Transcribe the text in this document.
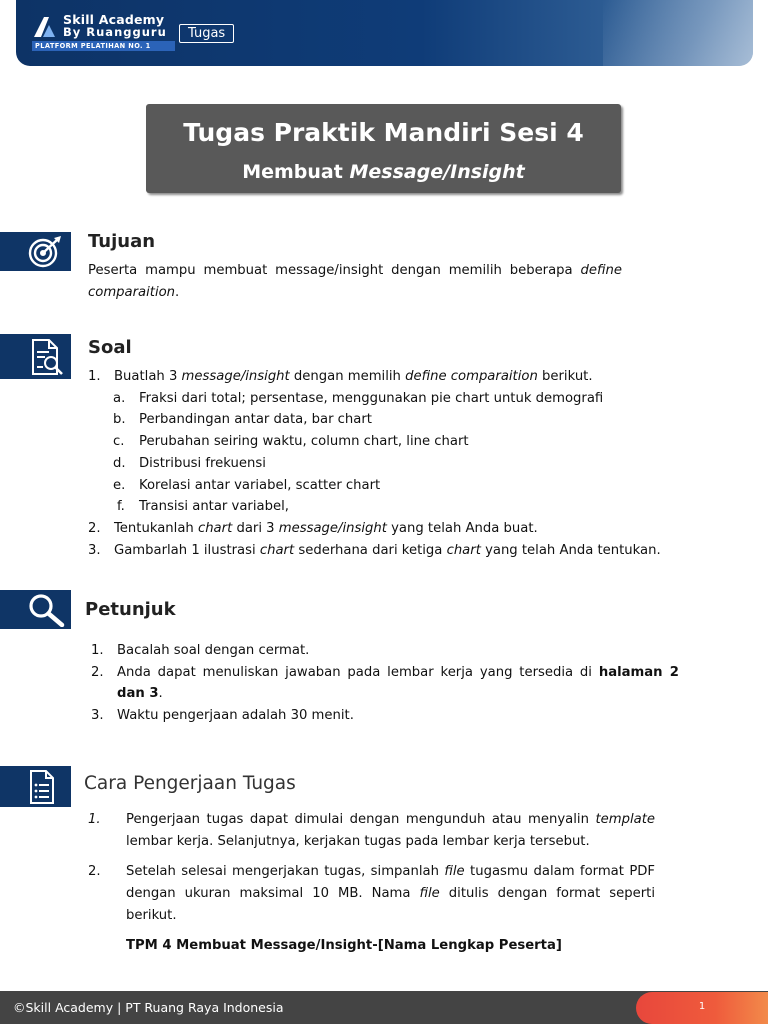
Skill Academy
By Ruangguru
PLATFORM PELATIHAN NO. 1
Tugas
Tugas Praktik Mandiri Sesi 4
Membuat Message/Insight
Tujuan
Peserta mampu membuat message/insight dengan memilih beberapa define comparaition.
Soal
1. Buatlah 3 message/insight dengan memilih define comparaition berikut.
a. Fraksi dari total; persentase, menggunakan pie chart untuk demografi
b. Perbandingan antar data, bar chart
c. Perubahan seiring waktu, column chart, line chart
d. Distribusi frekuensi
e. Korelasi antar variabel, scatter chart
f. Transisi antar variabel,
2. Tentukanlah chart dari 3 message/insight yang telah Anda buat.
3. Gambarlah 1 ilustrasi chart sederhana dari ketiga chart yang telah Anda tentukan.
Petunjuk
1. Bacalah soal dengan cermat.
2. Anda dapat menuliskan jawaban pada lembar kerja yang tersedia di halaman 2 dan 3.
3. Waktu pengerjaan adalah 30 menit.
Cara Pengerjaan Tugas
1. Pengerjaan tugas dapat dimulai dengan mengunduh atau menyalin template lembar kerja. Selanjutnya, kerjakan tugas pada lembar kerja tersebut.
2. Setelah selesai mengerjakan tugas, simpanlah file tugasmu dalam format PDF dengan ukuran maksimal 10 MB. Nama file ditulis dengan format seperti berikut.
TPM 4 Membuat Message/Insight-[Nama Lengkap Peserta]
©Skill Academy | PT Ruang Raya Indonesia	1
